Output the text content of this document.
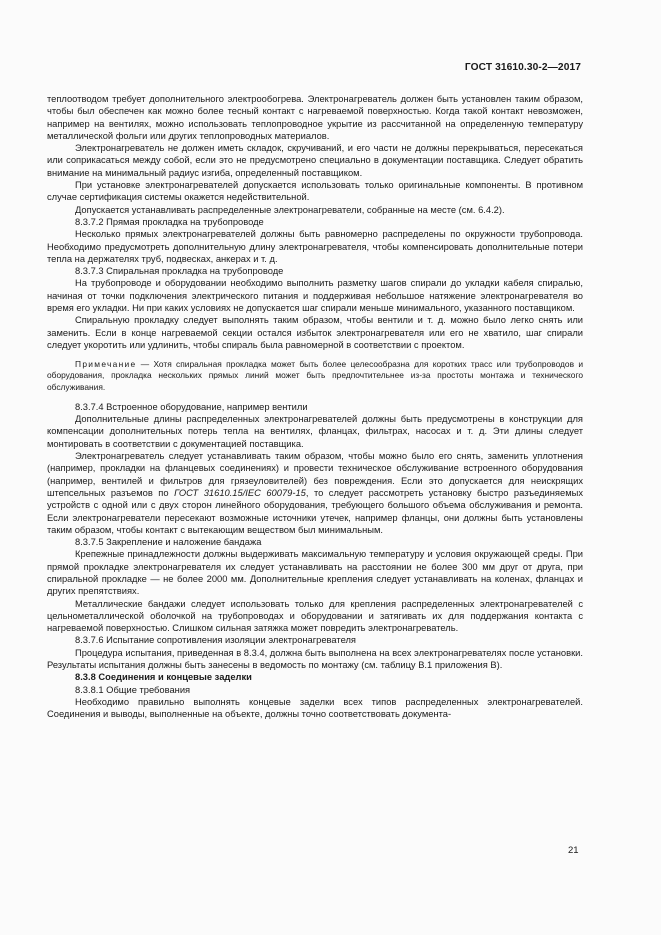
ГОСТ 31610.30-2—2017

теплоотводом требует дополнительного электрообогрева. Электронагреватель должен быть установлен таким образом, чтобы был обеспечен как можно более тесный контакт с нагреваемой поверхностью. Когда такой контакт невозможен, например на вентилях, можно использовать теплопроводное укрытие из рассчитанной на определенную температуру металлической фольги или других теплопроводных материалов.

Электронагреватель не должен иметь складок, скручиваний, и его части не должны перекрываться, пересекаться или соприкасаться между собой, если это не предусмотрено специально в документации поставщика. Следует обратить внимание на минимальный радиус изгиба, определенный поставщиком.

При установке электронагревателей допускается использовать только оригинальные компоненты. В противном случае сертификация системы окажется недействительной.

Допускается устанавливать распределенные электронагреватели, собранные на месте (см. 6.4.2).

8.3.7.2 Прямая прокладка на трубопроводе

Несколько прямых электронагревателей должны быть равномерно распределены по окружности трубопровода. Необходимо предусмотреть дополнительную длину электронагревателя, чтобы компенсировать дополнительные потери тепла на держателях труб, подвесках, анкерах и т. д.

8.3.7.3 Спиральная прокладка на трубопроводе

На трубопроводе и оборудовании необходимо выполнить разметку шагов спирали до укладки кабеля спиралью, начиная от точки подключения электрического питания и поддерживая небольшое натяжение электронагревателя во время его укладки. Ни при каких условиях не допускается шаг спирали меньше минимального, указанного поставщиком.

Спиральную прокладку следует выполнять таким образом, чтобы вентили и т. д. можно было легко снять или заменить. Если в конце нагреваемой секции остался избыток электронагревателя или его не хватило, шаг спирали следует укоротить или удлинить, чтобы спираль была равномерной в соответствии с проектом.

Примечание — Хотя спиральная прокладка может быть более целесообразна для коротких трасс или трубопроводов и оборудования, прокладка нескольких прямых линий может быть предпочтительнее из-за простоты монтажа и технического обслуживания.

8.3.7.4 Встроенное оборудование, например вентили

Дополнительные длины распределенных электронагревателей должны быть предусмотрены в конструкции для компенсации дополнительных потерь тепла на вентилях, фланцах, фильтрах, насосах и т. д. Эти длины следует монтировать в соответствии с документацией поставщика.

Электронагреватель следует устанавливать таким образом, чтобы можно было его снять, заменить уплотнения (например, прокладки на фланцевых соединениях) и провести техническое обслуживание встроенного оборудования (например, вентилей и фильтров для грязеуловителей) без повреждения. Если это допускается для неискрящих штепсельных разъемов по ГОСТ 31610.15/IEC 60079-15, то следует рассмотреть установку быстро разъединяемых устройств с одной или с двух сторон линейного оборудования, требующего большого объема обслуживания и ремонта. Если электронагреватели пересекают возможные источники утечек, например фланцы, они должны быть установлены таким образом, чтобы контакт с вытекающим веществом был минимальным.

8.3.7.5 Закрепление и наложение бандажа

Крепежные принадлежности должны выдерживать максимальную температуру и условия окружающей среды. При прямой прокладке электронагревателя их следует устанавливать на расстоянии не более 300 мм друг от друга, при спиральной прокладке — не более 2000 мм. Дополнительные крепления следует устанавливать на коленах, фланцах и других препятствиях.

Металлические бандажи следует использовать только для крепления распределенных электронагревателей с цельнометаллической оболочкой на трубопроводах и оборудовании и затягивать их для поддержания контакта с нагреваемой поверхностью. Слишком сильная затяжка может повредить электронагреватель.

8.3.7.6 Испытание сопротивления изоляции электронагревателя

Процедура испытания, приведенная в 8.3.4, должна быть выполнена на всех электронагревателях после установки. Результаты испытания должны быть занесены в ведомость по монтажу (см. таблицу В.1 приложения В).

8.3.8 Соединения и концевые заделки

8.3.8.1 Общие требования

Необходимо правильно выполнять концевые заделки всех типов распределенных электронагревателей. Соединения и выводы, выполненные на объекте, должны точно соответствовать документа-

21
